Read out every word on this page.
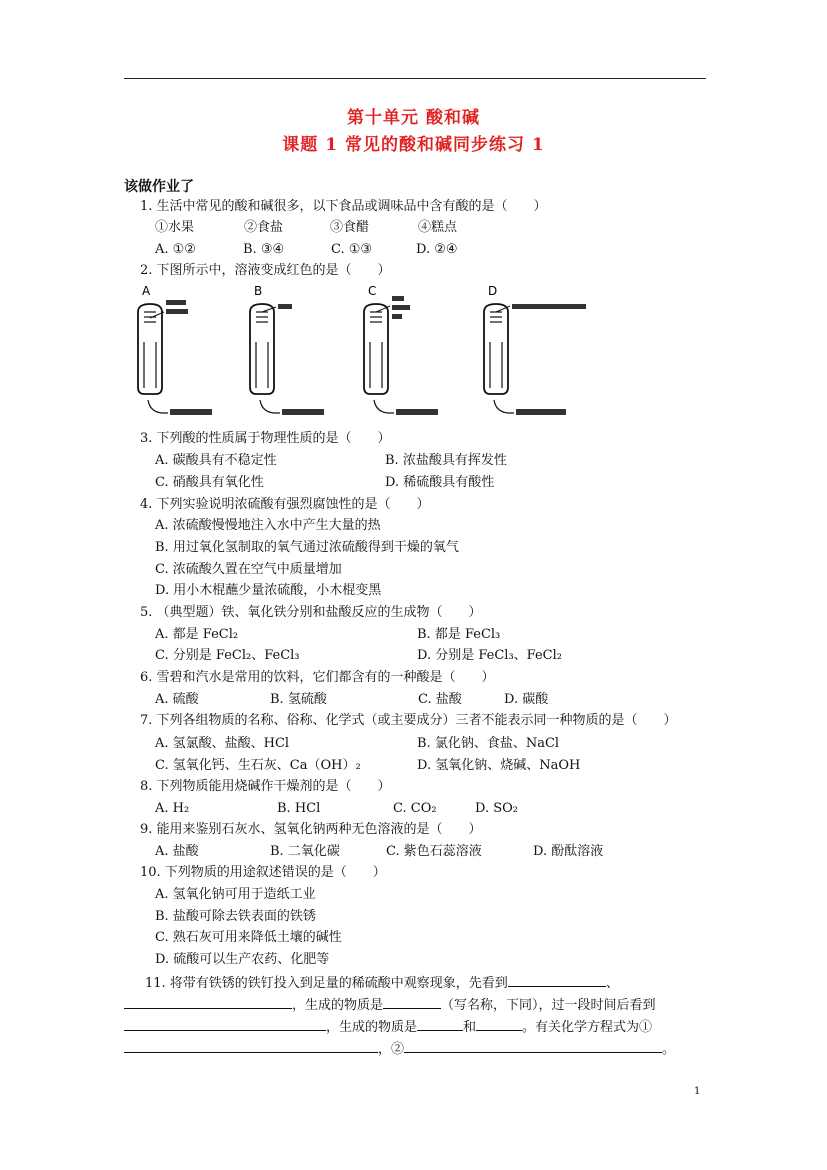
第十单元 酸和碱
课题 1 常见的酸和碱同步练习 1
该做作业了
1. 生活中常见的酸和碱很多，以下食品或调味品中含有酸的是（　　）
①水果	②食盐	③食醋	④糕点
A. ①②	B. ③④	C. ①③	D. ②④
2. 下图所示中，溶液变成红色的是（　　）
A	B	C	D
3. 下列酸的性质属于物理性质的是（　　）
A. 碳酸具有不稳定性	B. 浓盐酸具有挥发性
C. 硝酸具有氧化性	D. 稀硫酸具有酸性
4. 下列实验说明浓硫酸有强烈腐蚀性的是（　　）
A. 浓硫酸慢慢地注入水中产生大量的热
B. 用过氧化氢制取的氧气通过浓硫酸得到干燥的氧气
C. 浓硫酸久置在空气中质量增加
D. 用小木棍蘸少量浓硫酸，小木棍变黑
5. （典型题）铁、氧化铁分别和盐酸反应的生成物（　　）
A. 都是 FeCl₂	B. 都是 FeCl₃
C. 分别是 FeCl₂、FeCl₃	D. 分别是 FeCl₃、FeCl₂
6. 雪碧和汽水是常用的饮料，它们都含有的一种酸是（　　）
A. 硫酸	B. 氢硫酸	C. 盐酸	D. 碳酸
7. 下列各组物质的名称、俗称、化学式（或主要成分）三者不能表示同一种物质的是（　　）
A. 氢氯酸、盐酸、HCl	B. 氯化钠、食盐、NaCl
C. 氢氧化钙、生石灰、Ca（OH）₂	D. 氢氧化钠、烧碱、NaOH
8. 下列物质能用烧碱作干燥剂的是（　　）
A. H₂	B. HCl	C. CO₂	D. SO₂
9. 能用来鉴别石灰水、氢氧化钠两种无色溶液的是（　　）
A. 盐酸	B. 二氧化碳	C. 紫色石蕊溶液	D. 酚酞溶液
10. 下列物质的用途叙述错误的是（　　）
A. 氢氧化钠可用于造纸工业
B. 盐酸可除去铁表面的铁锈
C. 熟石灰可用来降低土壤的碱性
D. 硫酸可以生产农药、化肥等
11. 将带有铁锈的铁钉投入到足量的稀硫酸中观察现象，先看到	、
，生成的物质是	（写名称，下同），过一段时间后看到
，生成的物质是	和	。有关化学方程式为①
，②	。
1
